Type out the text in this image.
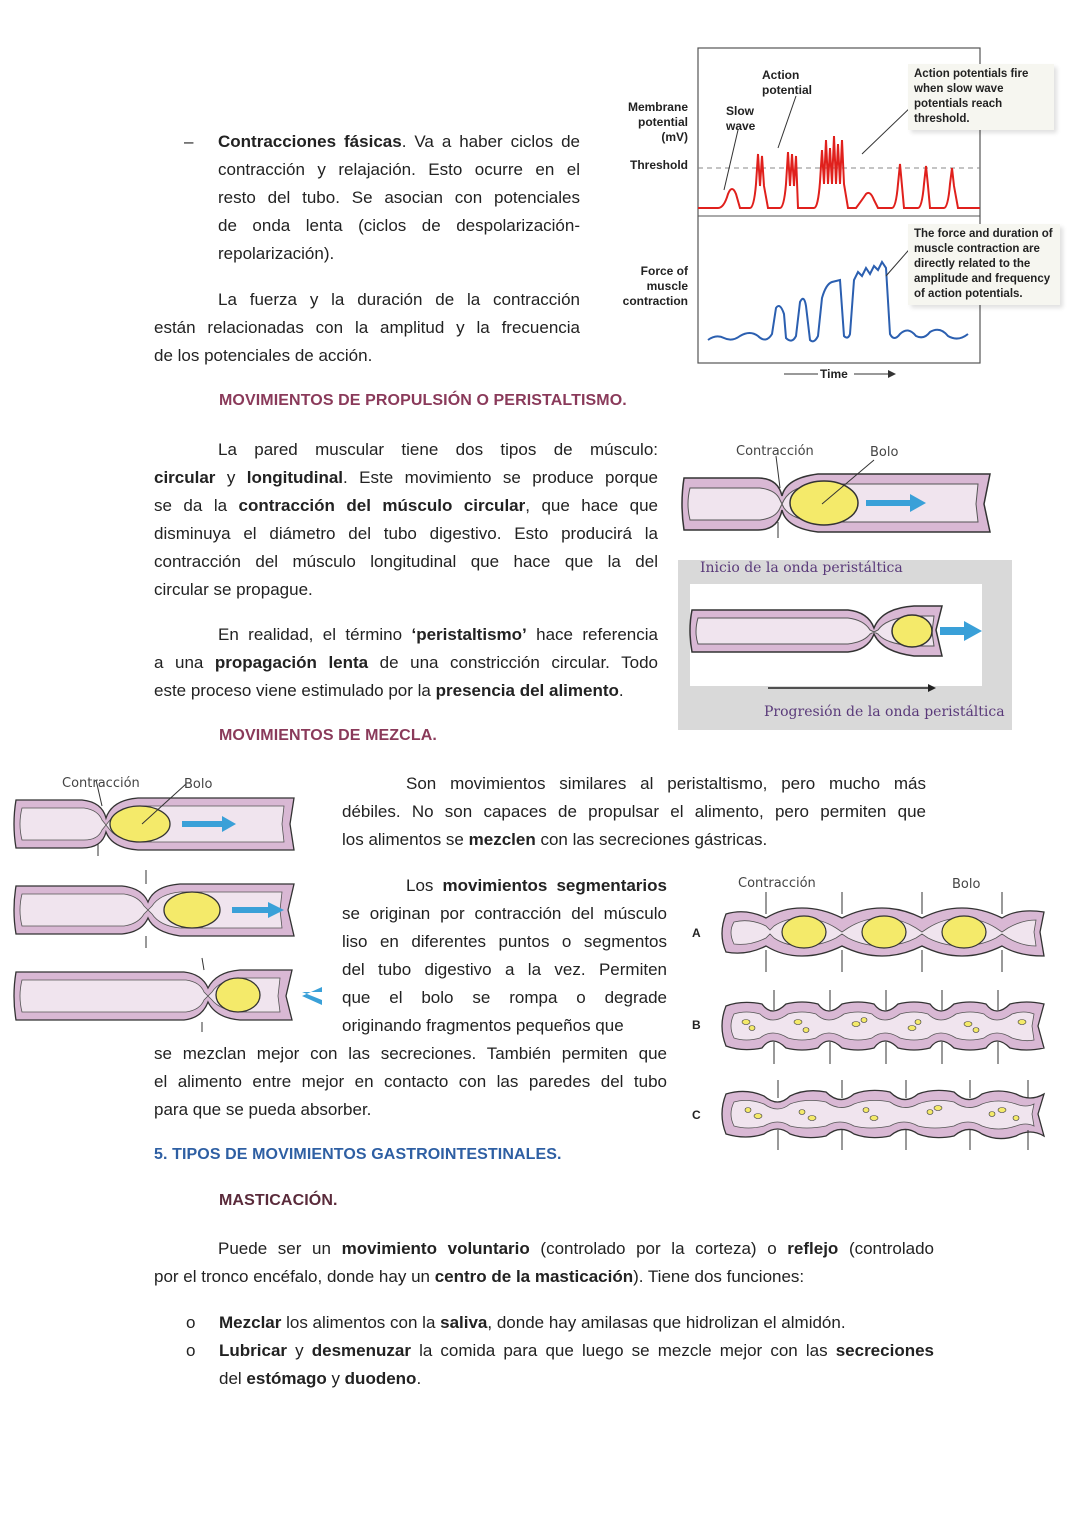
– Contracciones fásicas. Va a haber ciclos de
contracción y relajación. Esto ocurre en el
resto del tubo. Se asocian con potenciales
de onda lenta (ciclos de despolarización-
repolarización).
La fuerza y la duración de la contracción
están relacionadas con la amplitud y la frecuencia
de los potenciales de acción.
Action potential
Slow wave
Membrane potential (mV)
Threshold
Force of muscle contraction
Time
Action potentials fire when slow wave potentials reach threshold.
The force and duration of muscle contraction are directly related to the amplitude and frequency of action potentials.
MOVIMIENTOS DE PROPULSIÓN O PERISTALTISMO.
La pared muscular tiene dos tipos de músculo:
circular y longitudinal. Este movimiento se produce porque
se da la contracción del músculo circular, que hace que
disminuya el diámetro del tubo digestivo. Esto producirá la
contracción del músculo longitudinal que hace que la del
circular se propague.
En realidad, el término ‘peristaltismo’ hace referencia
a una propagación lenta de una constricción circular. Todo
este proceso viene estimulado por la presencia del alimento.
Contracción	Bolo
Inicio de la onda peristáltica
Progresión de la onda peristáltica
MOVIMIENTOS DE MEZCLA.
Son movimientos similares al peristaltismo, pero mucho más
débiles. No son capaces de propulsar el alimento, pero permiten que
los alimentos se mezclen con las secreciones gástricas.
Contracción	Bolo
Los movimientos segmentarios
se originan por contracción del músculo
liso en diferentes puntos o segmentos
del tubo digestivo a la vez. Permiten
que el bolo se rompa o degrade
originando fragmentos pequeños que
se mezclan mejor con las secreciones. También permiten que
el alimento entre mejor en contacto con las paredes del tubo
para que se pueda absorber.
Contracción	Bolo
A
B
C
5. TIPOS DE MOVIMIENTOS GASTROINTESTINALES.
MASTICACIÓN.
Puede ser un movimiento voluntario (controlado por la corteza) o reflejo (controlado
por el tronco encéfalo, donde hay un centro de la masticación). Tiene dos funciones:
o Mezclar los alimentos con la saliva, donde hay amilasas que hidrolizan el almidón.
o Lubricar y desmenuzar la comida para que luego se mezcle mejor con las secreciones
del estómago y duodeno.
